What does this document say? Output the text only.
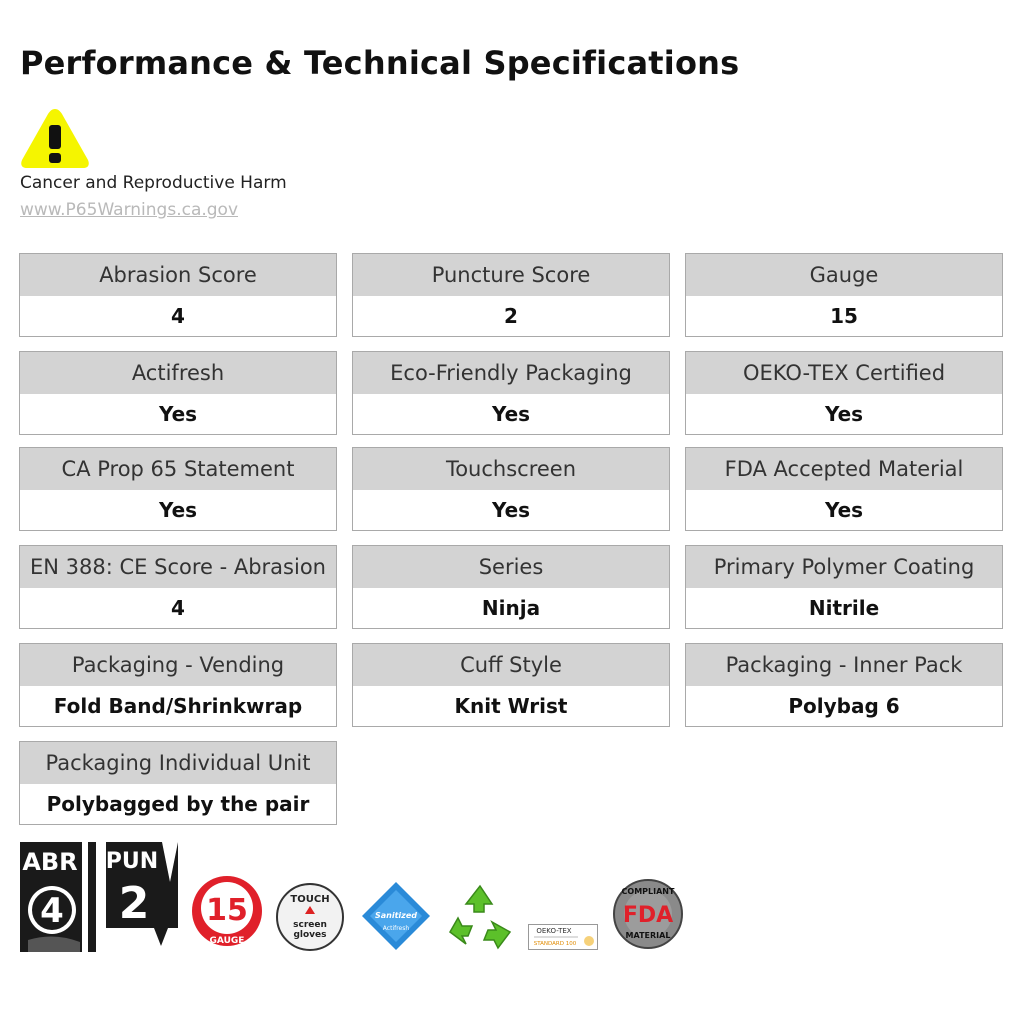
Performance & Technical Specifications
Cancer and Reproductive Harm
www.P65Warnings.ca.gov
Abrasion Score
4
Puncture Score
2
Gauge
15
Actifresh
Yes
Eco-Friendly Packaging
Yes
OEKO-TEX Certified
Yes
CA Prop 65 Statement
Yes
Touchscreen
Yes
FDA Accepted Material
Yes
EN 388: CE Score - Abrasion
4
Series
Ninja
Primary Polymer Coating
Nitrile
Packaging - Vending
Fold Band/Shrinkwrap
Cuff Style
Knit Wrist
Packaging - Inner Pack
Polybag 6
Packaging Individual Unit
Polybagged by the pair
ABR
4
PUN
2 15
GAUGE
TOUCH
screen
gloves
Sanitized
Actifresh	OEKO-TEX
STANDARD 100
COMPLIANT
FDA
MATERIAL
